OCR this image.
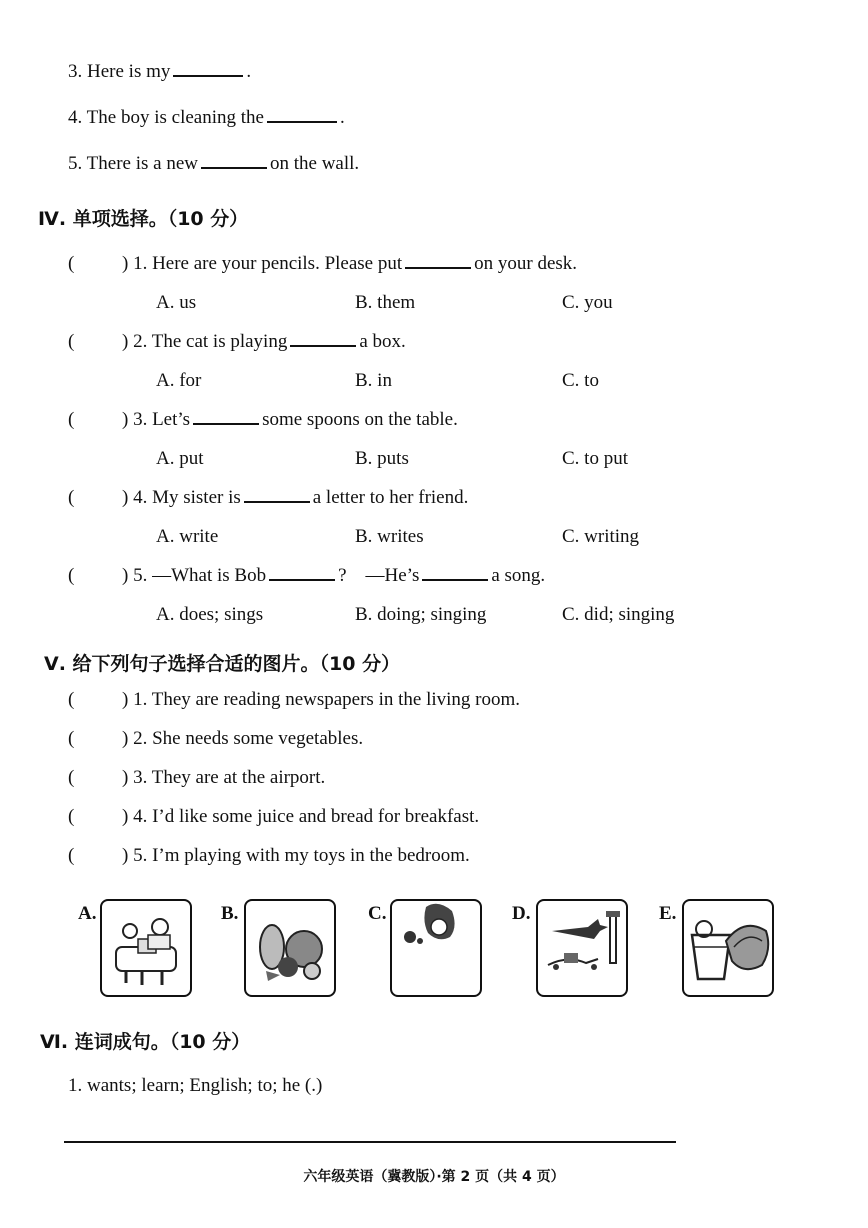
3. Here is my	.
4. The boy is cleaning the	.
5. There is a new	on the wall.
Ⅳ. 单项选择。（10 分）
(	) 1. Here are your pencils. Please put	on your desk.
A. us	B. them	C. you
(	) 2. The cat is playing	a box.
A. for	B. in	C. to
(	) 3. Let’s	some spoons on the table.
A. put	B. puts	C. to put
(	) 4. My sister is	a letter to her friend.
A. write	B. writes	C. writing
(	) 5. —What is Bob	? —He’s	a song.
A. does; sings	B. doing; singing	C. did; singing
Ⅴ. 给下列句子选择合适的图片。（10 分）
(	) 1. They are reading newspapers in the living room.
(	) 2. She needs some vegetables.
(	) 3. They are at the airport.
(	) 4. I’d like some juice and bread for breakfast.
(	) 5. I’m playing with my toys in the bedroom.
A.	B.	C.	D.	E.
Ⅵ. 连词成句。（10 分）
1. wants; learn; English; to; he (.)
六年级英语（冀教版）·第 2 页（共 4 页）
